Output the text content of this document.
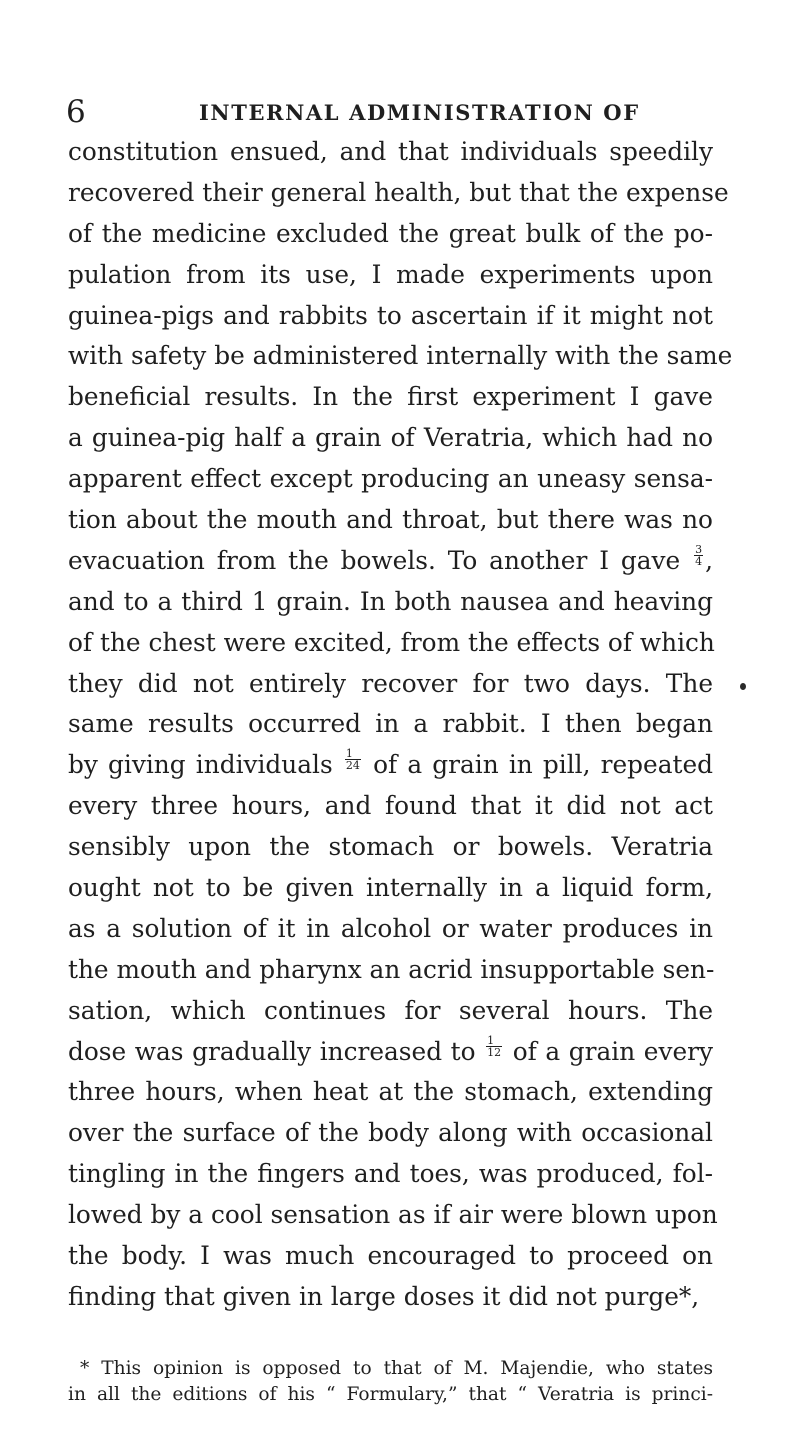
6	INTERNAL ADMINISTRATION OF
constitution ensued, and that individuals speedily
recovered their general health, but that the expense
of the medicine excluded the great bulk of the po-
pulation from its use, I made experiments upon
guinea-pigs and rabbits to ascertain if it might not
with safety be administered internally with the same
beneficial results. In the first experiment I gave
a guinea-pig half a grain of Veratria, which had no
apparent effect except producing an uneasy sensa-
tion about the mouth and throat, but there was no
evacuation from the bowels. To another I gave $\frac{3}{4}$ ,
and to a third 1 grain. In both nausea and heaving
of the chest were excited, from the effects of which
they did not entirely recover for two days. The
same results occurred in a rabbit. I then began
by giving individuals $\frac{1}{24}$ of a grain in pill, repeated
every three hours, and found that it did not act
sensibly upon the stomach or bowels. Veratria
ought not to be given internally in a liquid form,
as a solution of it in alcohol or water produces in
the mouth and pharynx an acrid insupportable sen-
sation, which continues for several hours. The
dose was gradually increased to $\frac{1}{12}$ of a grain every
three hours, when heat at the stomach, extending
over the surface of the body along with occasional
tingling in the fingers and toes, was produced, fol-
lowed by a cool sensation as if air were blown upon
the body. I was much encouraged to proceed on
finding that given in large doses it did not purge*,
* This opinion is opposed to that of M. Majendie, who states
in all the editions of his “ Formulary,” that “ Veratria is princi-
